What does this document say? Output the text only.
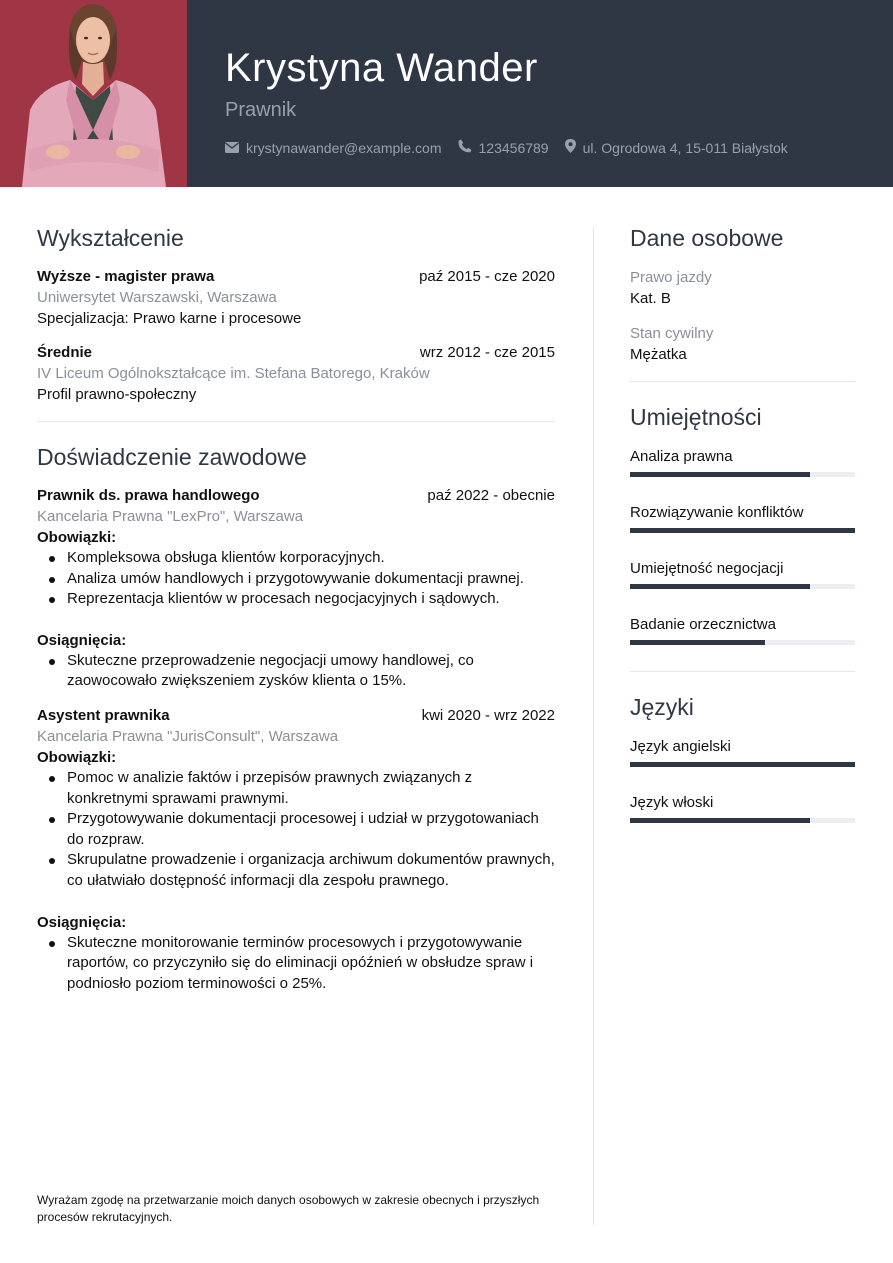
Krystyna Wander
Prawnik
krystynawander@example.com	123456789 ul. Ogrodowa 4, 15-011 Białystok
Wykształcenie
Wyższe - magister prawa	paź 2015 - cze 2020
Uniwersytet Warszawski, Warszawa
Specjalizacja: Prawo karne i procesowe
Średnie	wrz 2012 - cze 2015
IV Liceum Ogólnokształcące im. Stefana Batorego, Kraków
Profil prawno-społeczny
Doświadczenie zawodowe
Prawnik ds. prawa handlowego	paź 2022 - obecnie
Kancelaria Prawna "LexPro", Warszawa
Obowiązki:
Kompleksowa obsługa klientów korporacyjnych.
Analiza umów handlowych i przygotowywanie dokumentacji prawnej.
Reprezentacja klientów w procesach negocjacyjnych i sądowych.
Osiągnięcia:
Skuteczne przeprowadzenie negocjacji umowy handlowej, co zaowocowało zwiększeniem zysków klienta o 15%.
Asystent prawnika	kwi 2020 - wrz 2022
Kancelaria Prawna "JurisConsult", Warszawa
Obowiązki:
Pomoc w analizie faktów i przepisów prawnych związanych z konkretnymi sprawami prawnymi.
Przygotowywanie dokumentacji procesowej i udział w przygotowaniach do rozpraw.
Skrupulatne prowadzenie i organizacja archiwum dokumentów prawnych, co ułatwiało dostępność informacji dla zespołu prawnego.
Osiągnięcia:
Skuteczne monitorowanie terminów procesowych i przygotowywanie raportów, co przyczyniło się do eliminacji opóźnień w obsłudze spraw i podniosło poziom terminowości o 25%.
Dane osobowe
Prawo jazdy
Kat. B
Stan cywilny
Mężatka
Umiejętności
Analiza prawna
Rozwiązywanie konfliktów
Umiejętność negocjacji
Badanie orzecznictwa
Języki
Język angielski
Język włoski
Wyrażam zgodę na przetwarzanie moich danych osobowych w zakresie obecnych i przyszłych procesów rekrutacyjnych.
